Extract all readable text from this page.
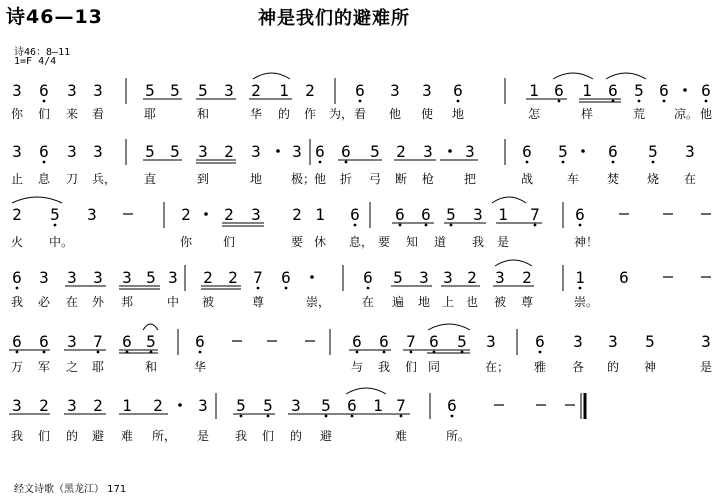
诗46—13	神是我们的避难所
诗46：8—11
1=F 4/4
3 6 3 3	5 5 5 3 2 1 2	6 3 3 6	1 6 1 6 5 6 6
你 们 来 看	耶	和	华 的 作 为， 看 他 使 地	怎	样	荒 凉。 他
3 6 3 3	5 5 3 2 3 3 6 6 5 2 3 3	6 5	6 5 3
止 息 刀 兵， 直	到	地 极；
他 折 弓 断 枪 把	战	车 焚 烧 在
2 5 3	2 2 3 2 1 6 6 6 5 3 1 7 6
火 中。	你	们	要 休 息， 要 知 道 我 是	神！
6 3 3 3 3 5 3 2 2 7 6	6 5 3 3 2 3 2	1 6
我 必 在 外 邦	中 被	尊	崇，	在 遍 地 上 也 被 尊	崇。
6 6 3 7 6 5 6	6 6 7 6 5 3 6 3 3 5	3
万 军 之 耶	和	华	与 我 们 同	在； 雅 各 的 神	是
3 2 3 2 1 2 3 5 5 3 5 6 1 7	6
我 们 的 避 难 所， 是 我 们 的 避	难	所。
经文诗歌（黑龙江） 171
